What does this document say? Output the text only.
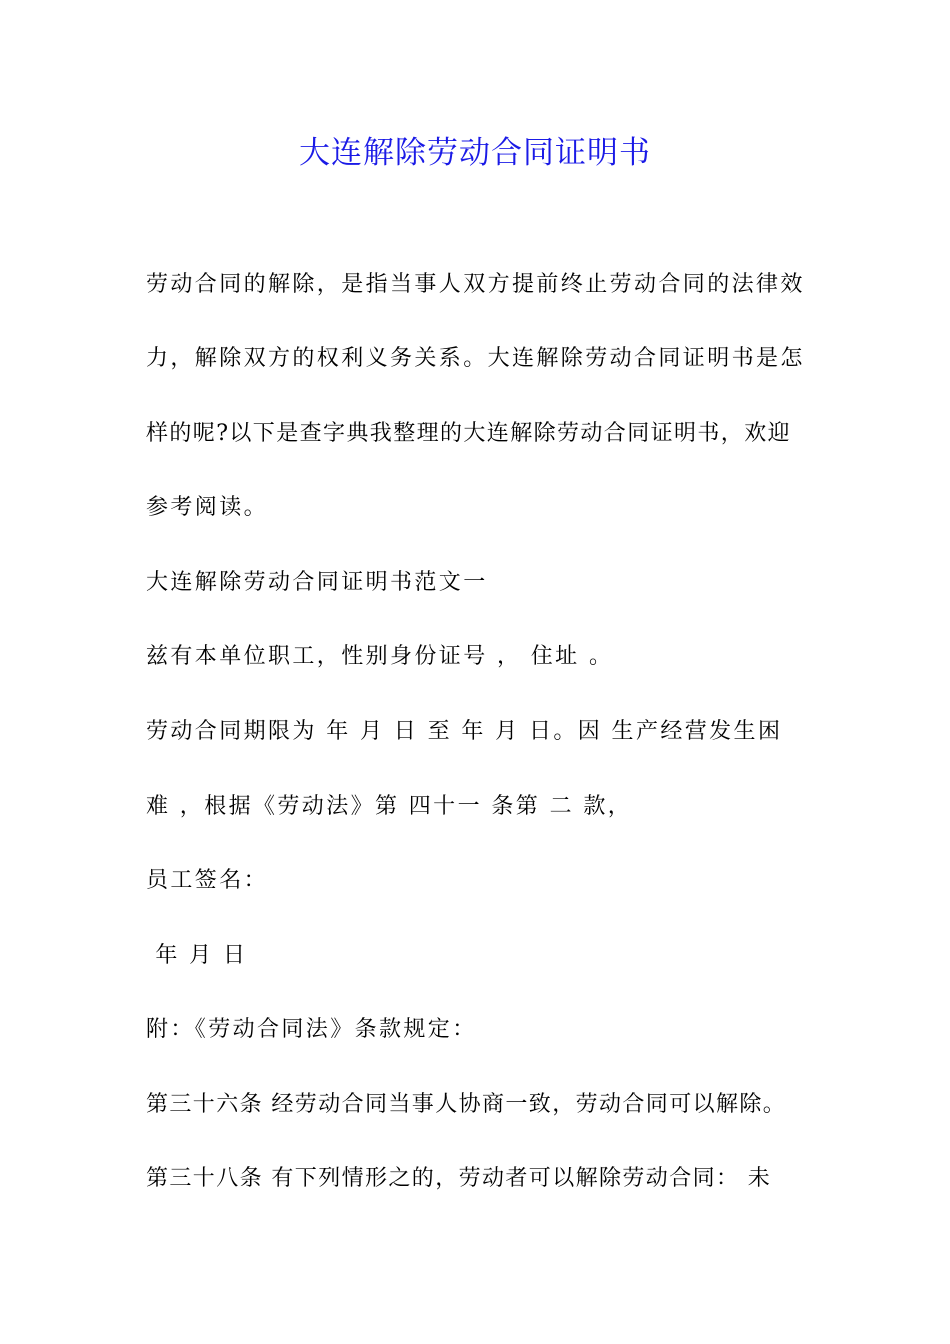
大连解除劳动合同证明书
劳动合同的解除，是指当事人双方提前终止劳动合同的法律效
力，解除双方的权利义务关系。大连解除劳动合同证明书是怎
样的呢?以下是查字典我整理的大连解除劳动合同证明书，欢迎
参考阅读。
大连解除劳动合同证明书范文一
兹有本单位职工，性别身份证号 ， 住址 。
劳动合同期限为 年 月 日 至 年 月 日。因 生产经营发生困
难 ，根据《劳动法》第 四十一 条第 二 款，
员工签名：
年 月 日
附：《劳动合同法》条款规定：
第三十六条 经劳动合同当事人协商一致，劳动合同可以解除。
第三十八条 有下列情形之的，劳动者可以解除劳动合同： 未
